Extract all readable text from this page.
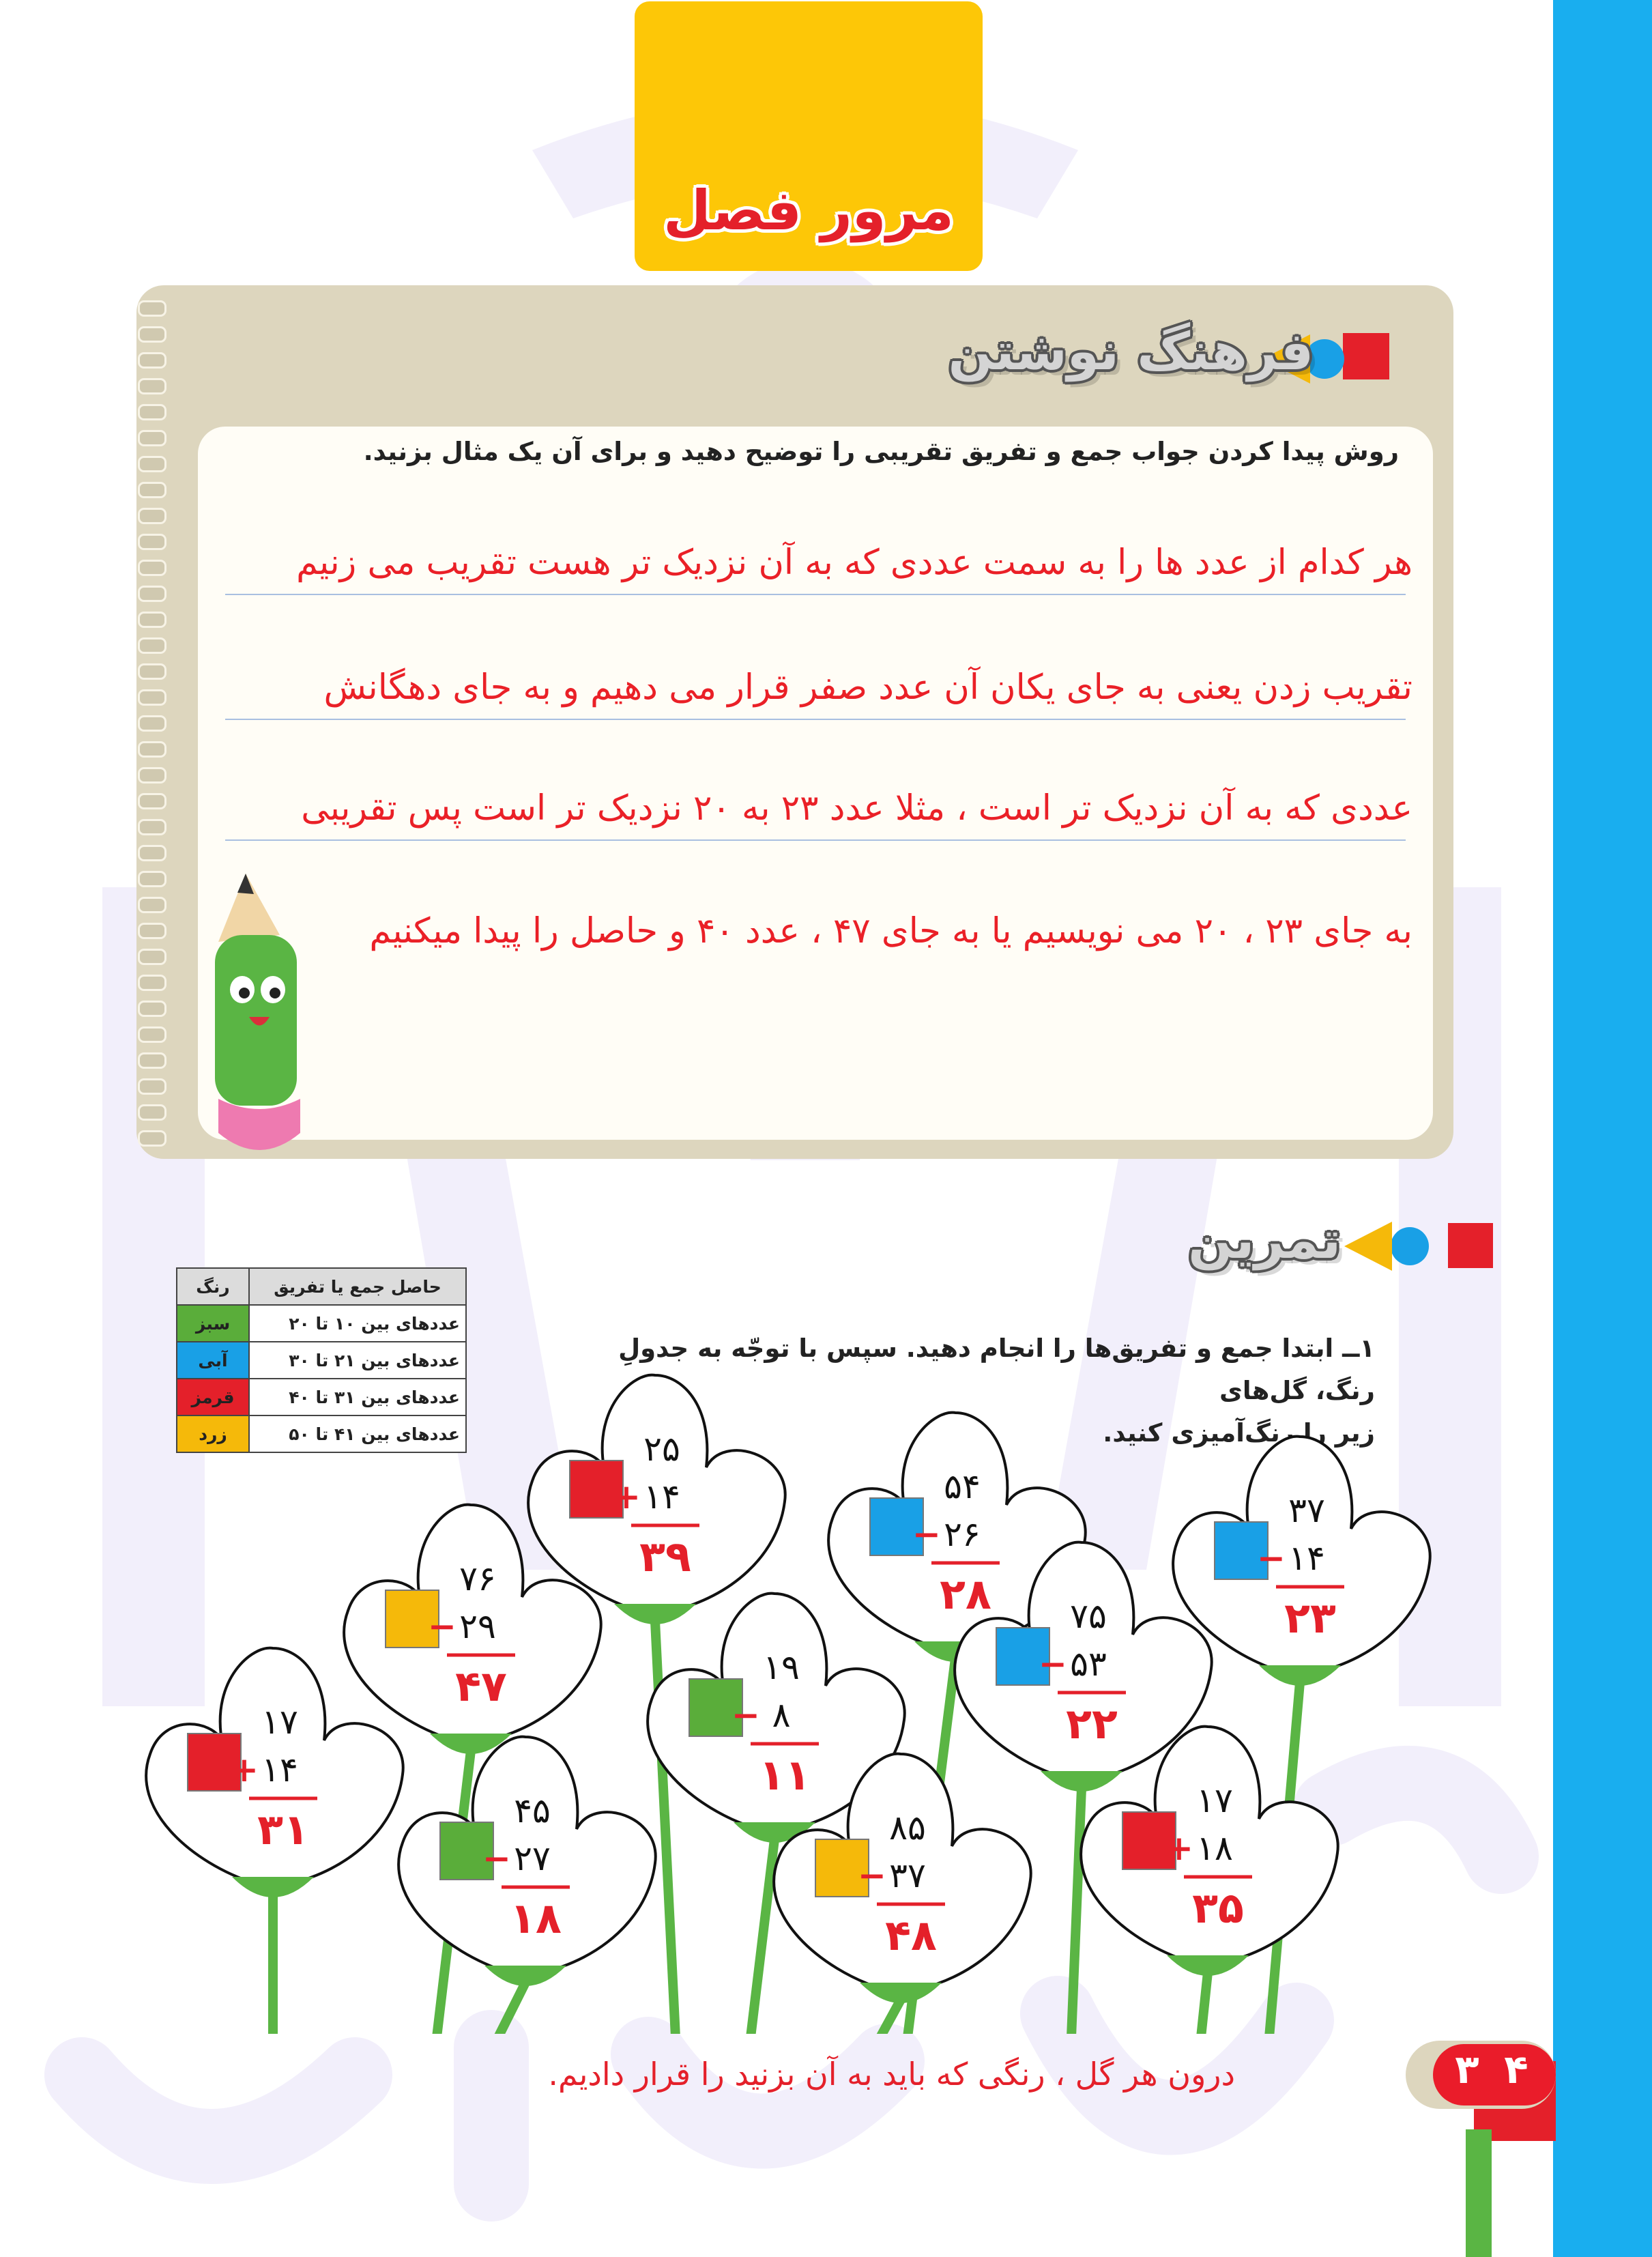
مرور فصل
فرهنگ نوشتن
روش پیدا کردن جواب جمع و تفریق تقریبی را توضیح دهید و برای آن یک مثال بزنید.
هر کدام از عدد ها را به سمت عددی که به آن نزدیک تر هست تقریب می زنیم
تقریب زدن یعنی به جای یکان آن عدد صفر قرار می دهیم و به جای دهگانش
عددی که به آن نزدیک تر است ، مثلا عدد ۲۳ به ۲۰ نزدیک تر است پس تقریبی
به جای ۲۳ ، ۲۰ می نویسیم یا به جای ۴۷ ، عدد ۴۰ و حاصل را پیدا میکنیم
تمرین
حاصل جمع یا تفریق	رنگ
عددهای بین ۱۰ تا ۲۰	سبز
عددهای بین ۲۱ تا ۳۰	آبی
عددهای بین ۳۱ تا ۴۰	قرمز
عددهای بین ۴۱ تا ۵۰	زرد
۱ــ ابتدا جمع و تفریق‌ها را انجام دهید. سپس با توجّه به جدولِ رنگ، گل‌های
زیر را رنگ‌آمیزی کنید.
۲۵
۱۴
+
۳۹
۵۴
۲۶
−
۲۸
۳۷
۱۴
−
۲۳
۷۶
۲۹
−
۴۷	۱۹
۸
−
۱۱
۷۵
۵۳
−
۲۲
۱۷
۱۴
+
۳۱	۴۵
۲۷
−
۱۸
۸۵
۳۷
−
۴۸
۱۷
۱۸
+
۳۵
درون هر گل ، رنگی که باید به آن بزنید را قرار دادیم.	۴
۳
